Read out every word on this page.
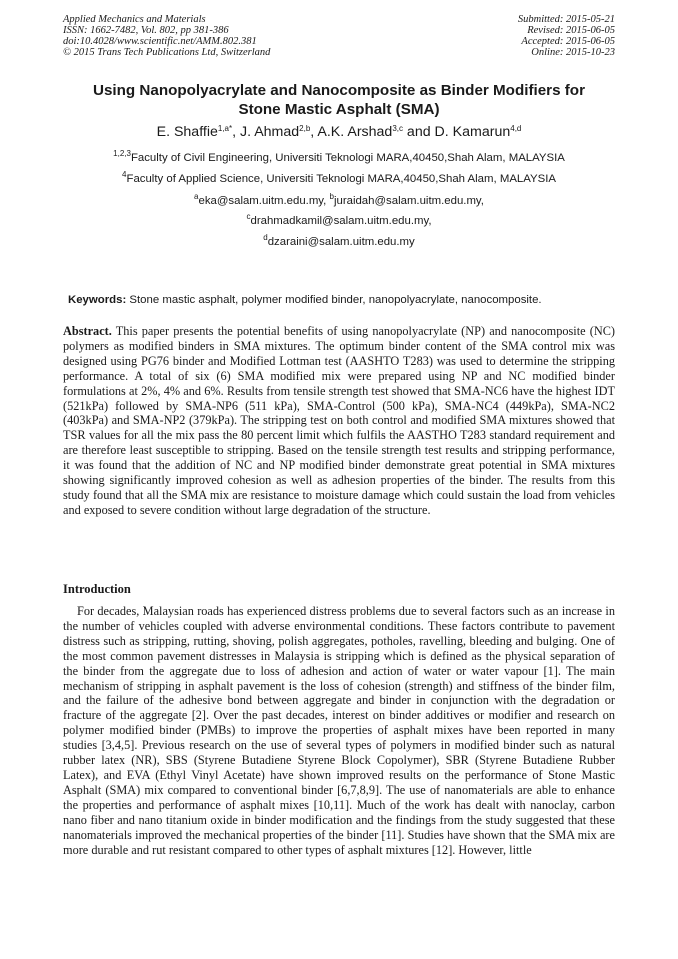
Applied Mechanics and Materials
ISSN: 1662-7482, Vol. 802, pp 381-386
doi:10.4028/www.scientific.net/AMM.802.381
© 2015 Trans Tech Publications Ltd, Switzerland
Submitted: 2015-05-21
Revised: 2015-06-05
Accepted: 2015-06-05
Online: 2015-10-23
Using Nanopolyacrylate and Nanocomposite as Binder Modifiers for
Stone Mastic Asphalt (SMA)
E. Shaffie$^{1,a*}$, J. Ahmad$^{2,b}$, A.K. Arshad$^{3,c}$ and D. Kamarun$^{4,d}$
$^{1,2,3}$Faculty of Civil Engineering, Universiti Teknologi MARA,40450,Shah Alam, MALAYSIA
$^4$Faculty of Applied Science, Universiti Teknologi MARA,40450,Shah Alam, MALAYSIA
$^a$eka@salam.uitm.edu.my, $^b$juraidah@salam.uitm.edu.my,
$^c$drahmadkamil@salam.uitm.edu.my,
$^d$dzaraini@salam.uitm.edu.my
Keywords: Stone mastic asphalt, polymer modified binder, nanopolyacrylate, nanocomposite.
Abstract. This paper presents the potential benefits of using nanopolyacrylate (NP) and nanocomposite (NC) polymers as modified binders in SMA mixtures. The optimum binder content of the SMA control mix was designed using PG76 binder and Modified Lottman test (AASHTO T283) was used to determine the stripping performance. A total of six (6) SMA modified mix were prepared using NP and NC modified binder formulations at 2%, 4% and 6%. Results from tensile strength test showed that SMA-NC6 have the highest IDT (521kPa) followed by SMA-NP6 (511 kPa), SMA-Control (500 kPa), SMA-NC4 (449kPa), SMA-NC2 (403kPa) and SMA-NP2 (379kPa). The stripping test on both control and modified SMA mixtures showed that TSR values for all the mix pass the 80 percent limit which fulfils the AASTHO T283 standard requirement and are therefore least susceptible to stripping. Based on the tensile strength test results and stripping performance, it was found that the addition of NC and NP modified binder demonstrate great potential in SMA mixtures showing significantly improved cohesion as well as adhesion properties of the binder. The results from this study found that all the SMA mix are resistance to moisture damage which could sustain the load from vehicles and exposed to severe condition without large degradation of the structure.
Introduction
For decades, Malaysian roads has experienced distress problems due to several factors such as an increase in the number of vehicles coupled with adverse environmental conditions. These factors contribute to pavement distress such as stripping, rutting, shoving, polish aggregates, potholes, ravelling, bleeding and bulging. One of the most common pavement distresses in Malaysia is stripping which is defined as the physical separation of the binder from the aggregate due to loss of adhesion and action of water or water vapour [1]. The main mechanism of stripping in asphalt pavement is the loss of cohesion (strength) and stiffness of the binder film, and the failure of the adhesive bond between aggregate and binder in conjunction with the degradation or fracture of the aggregate [2]. Over the past decades, interest on binder additives or modifier and research on polymer modified binder (PMBs) to improve the properties of asphalt mixes have been reported in many studies [3,4,5]. Previous research on the use of several types of polymers in modified binder such as natural rubber latex (NR), SBS (Styrene Butadiene Styrene Block Copolymer), SBR (Styrene Butadiene Rubber Latex), and EVA (Ethyl Vinyl Acetate) have shown improved results on the performance of Stone Mastic Asphalt (SMA) mix compared to conventional binder [6,7,8,9]. The use of nanomaterials are able to enhance the properties and performance of asphalt mixes [10,11]. Much of the work has dealt with nanoclay, carbon nano fiber and nano titanium oxide in binder modification and the findings from the study suggested that these nanomaterials improved the mechanical properties of the binder [11]. Studies have shown that the SMA mix are more durable and rut resistant compared to other types of asphalt mixtures [12]. However, little
